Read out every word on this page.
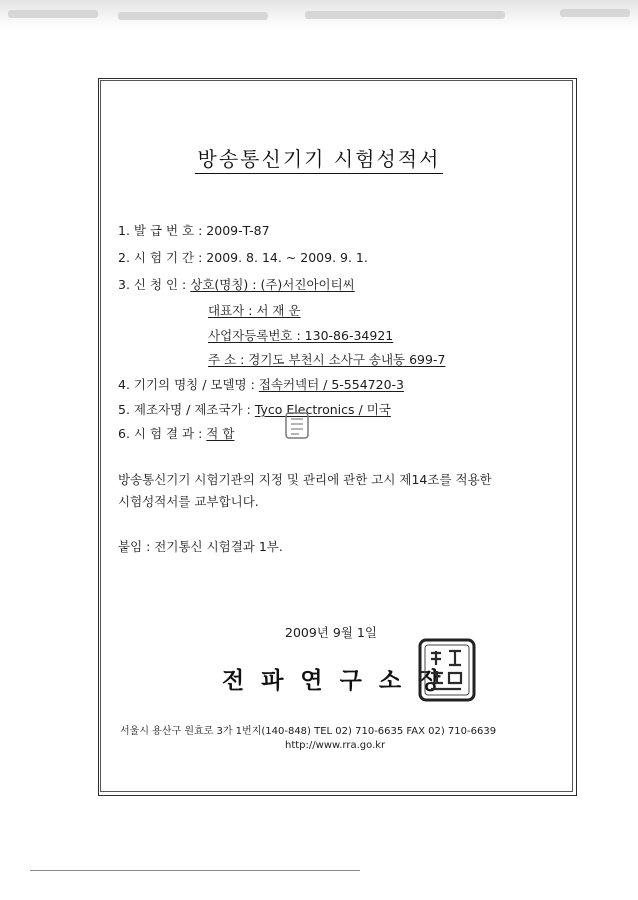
방송통신기기 시험성적서
1. 발 급 번 호 : 2009-T-87
2. 시 험 기 간 : 2009. 8. 14. ~ 2009. 9. 1.
3. 신 청 인 : 상호(명칭) : (주)서진아이티씨
대표자 : 서 재 운
사업자등록번호 : 130-86-34921
주 소 : 경기도 부천시 소사구 송내동 699-7
4. 기기의 명칭 / 모델명 : 접속커넥터 / 5-554720-3
5. 제조자명 / 제조국가 : Tyco Electronics / 미국
6. 시 험 결 과 : 적 합
방송통신기기 시험기관의 지정 및 관리에 관한 고시 제14조를 적용한
시험성적서를 교부합니다.
붙임 : 전기통신 시험결과 1부.
2009년 9월 1일
전파연구소장
서울시 용산구 원효로 3가 1번지(140-848) TEL 02) 710-6635 FAX 02) 710-6639
http://www.rra.go.kr
